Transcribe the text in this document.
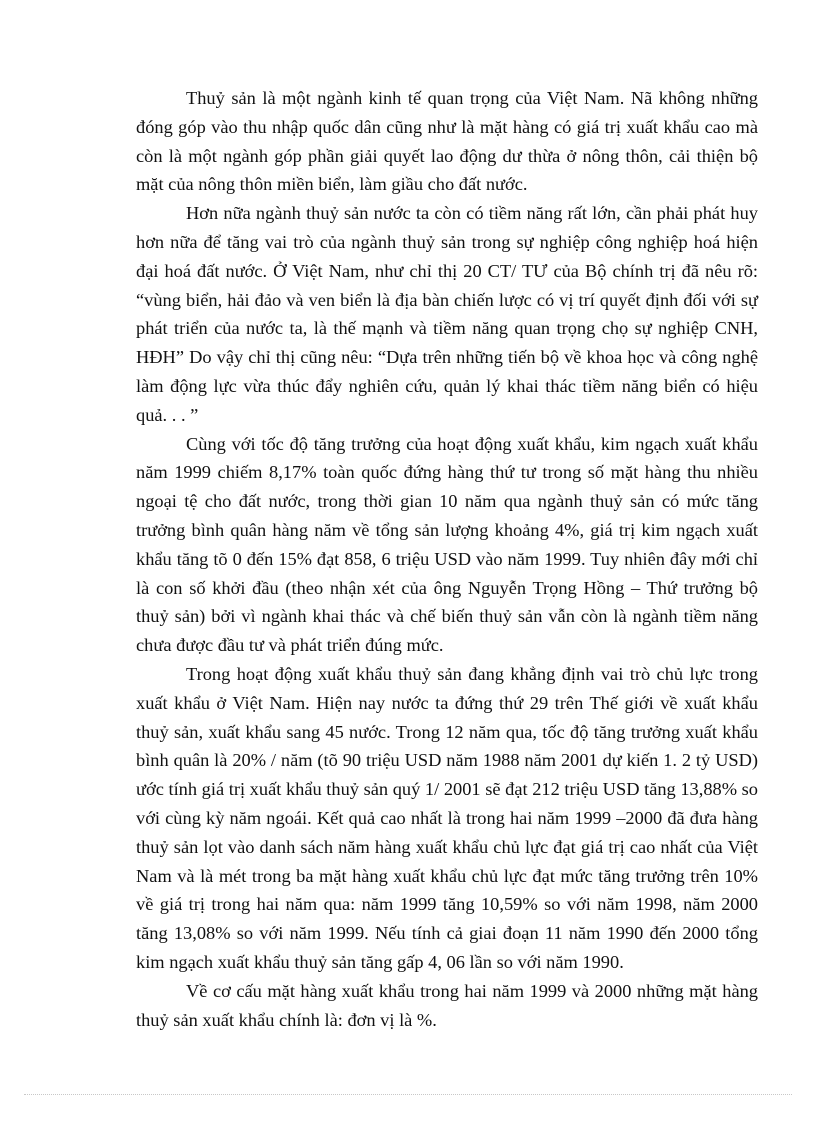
Thuỷ sản là một ngành kinh tế quan trọng của Việt Nam. Nã không những đóng góp vào thu nhập quốc dân cũng như là mặt hàng có giá trị xuất khẩu cao mà còn là một ngành góp phần giải quyết lao động dư thừa ở nông thôn, cải thiện bộ mặt của nông thôn miền biển, làm giầu cho đất nước.

Hơn nữa ngành thuỷ sản nước ta còn có tiềm năng rất lớn, cần phải phát huy hơn nữa để tăng vai trò của ngành thuỷ sản trong sự nghiệp công nghiệp hoá hiện đại hoá đất nước. Ở Việt Nam, như chỉ thị 20 CT/ TƯ của Bộ chính trị đã nêu rõ: “vùng biển, hải đảo và ven biển là địa bàn chiến lược có vị trí quyết định đối với sự phát triển của nước ta, là thế mạnh và tiềm năng quan trọng chọ sự nghiệp CNH, HĐH” Do vậy chỉ thị cũng nêu: “Dựa trên những tiến bộ về khoa học và công nghệ làm động lực vừa thúc đẩy nghiên cứu, quản lý khai thác tiềm năng biển có hiệu quả. . . ”

Cùng với tốc độ tăng trưởng của hoạt động xuất khẩu, kim ngạch xuất khẩu năm 1999 chiếm 8,17% toàn quốc đứng hàng thứ tư trong số mặt hàng thu nhiều ngoại tệ cho đất nước, trong thời gian 10 năm qua ngành thuỷ sản có mức tăng trưởng bình quân hàng năm về tổng sản lượng khoảng 4%, giá trị kim ngạch xuất khẩu tăng tõ 0 đến 15% đạt 858, 6 triệu USD vào năm 1999. Tuy nhiên đây mới chỉ là con số khởi đầu (theo nhận xét của ông Nguyễn Trọng Hồng – Thứ trưởng bộ thuỷ sản) bởi vì ngành khai thác và chế biến thuỷ sản vẫn còn là ngành tiềm năng chưa được đầu tư và phát triển đúng mức.

Trong hoạt động xuất khẩu thuỷ sản đang khẳng định vai trò chủ lực trong xuất khẩu ở Việt Nam. Hiện nay nước ta đứng thứ 29 trên Thế giới về xuất khẩu thuỷ sản, xuất khẩu sang 45 nước. Trong 12 năm qua, tốc độ tăng trưởng xuất khẩu bình quân là 20% / năm (tõ 90 triệu USD năm 1988 năm 2001 dự kiến 1. 2 tỷ USD) ước tính giá trị xuất khẩu thuỷ sản quý 1/ 2001 sẽ đạt 212 triệu USD tăng 13,88% so với cùng kỳ năm ngoái. Kết quả cao nhất là trong hai năm 1999 –2000 đã đưa hàng thuỷ sản lọt vào danh sách năm hàng xuất khẩu chủ lực đạt giá trị cao nhất của Việt Nam và là mét trong ba mặt hàng xuất khẩu chủ lực đạt mức tăng trưởng trên 10% về giá trị trong hai năm qua: năm 1999 tăng 10,59% so với năm 1998, năm 2000 tăng 13,08% so với năm 1999. Nếu tính cả giai đoạn 11 năm 1990 đến 2000 tổng kim ngạch xuất khẩu thuỷ sản tăng gấp 4, 06 lần so với năm 1990.

Về cơ cấu mặt hàng xuất khẩu trong hai năm 1999 và 2000 những mặt hàng thuỷ sản xuất khẩu chính là: đơn vị là %.
